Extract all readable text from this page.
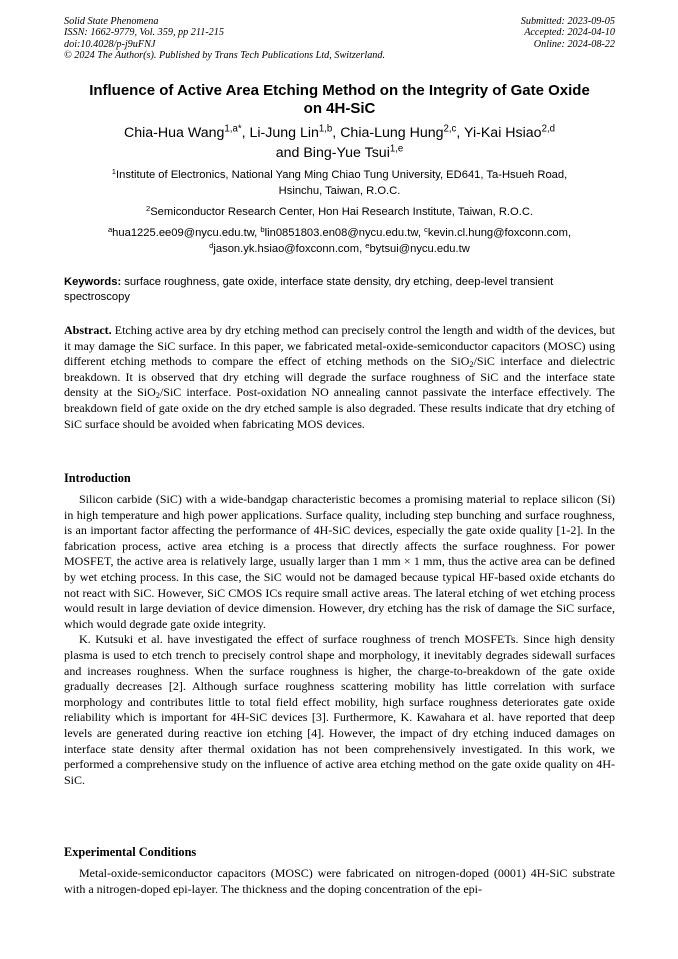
Solid State Phenomena
ISSN: 1662-9779, Vol. 359, pp 211-215
doi:10.4028/p-j9uFNJ
© 2024 The Author(s). Published by Trans Tech Publications Ltd, Switzerland.
Submitted: 2023-09-05
Accepted: 2024-04-10
Online: 2024-08-22
Influence of Active Area Etching Method on the Integrity of Gate Oxide
on 4H-SiC
Chia-Hua Wang$^{1,a*}$, Li-Jung Lin$^{1,b}$, Chia-Lung Hung$^{2,c}$, Yi-Kai Hsiao$^{2,d}$
and Bing-Yue Tsui$^{1,e}$
$^1$Institute of Electronics, National Yang Ming Chiao Tung University, ED641, Ta-Hsueh Road,
Hsinchu, Taiwan, R.O.C.
$^2$Semiconductor Research Center, Hon Hai Research Institute, Taiwan, R.O.C.
$^a$hua1225.ee09@nycu.edu.tw, $^b$lin0851803.en08@nycu.edu.tw, $^c$kevin.cl.hung@foxconn.com,
$^d$jason.yk.hsiao@foxconn.com, $^e$bytsui@nycu.edu.tw
Keywords: surface roughness, gate oxide, interface state density, dry etching, deep-level transient spectroscopy
Abstract. Etching active area by dry etching method can precisely control the length and width of the devices, but it may damage the SiC surface. In this paper, we fabricated metal-oxide-semiconductor capacitors (MOSC) using different etching methods to compare the effect of etching methods on the SiO$_2$/SiC interface and dielectric breakdown. It is observed that dry etching will degrade the surface roughness of SiC and the interface state density at the SiO$_2$/SiC interface. Post-oxidation NO annealing cannot passivate the interface effectively. The breakdown field of gate oxide on the dry etched sample is also degraded. These results indicate that dry etching of SiC surface should be avoided when fabricating MOS devices.
Introduction

Silicon carbide (SiC) with a wide-bandgap characteristic becomes a promising material to replace silicon (Si) in high temperature and high power applications. Surface quality, including step bunching and surface roughness, is an important factor affecting the performance of 4H-SiC devices, especially the gate oxide quality [1-2]. In the fabrication process, active area etching is a process that directly affects the surface roughness. For power MOSFET, the active area is relatively large, usually larger than 1 mm × 1 mm, thus the active area can be defined by wet etching process. In this case, the SiC would not be damaged because typical HF-based oxide etchants do not react with SiC. However, SiC CMOS ICs require small active areas. The lateral etching of wet etching process would result in large deviation of device dimension. However, dry etching has the risk of damage the SiC surface, which would degrade gate oxide integrity.

K. Kutsuki et al. have investigated the effect of surface roughness of trench MOSFETs. Since high density plasma is used to etch trench to precisely control shape and morphology, it inevitably degrades sidewall surfaces and increases roughness. When the surface roughness is higher, the charge-to-breakdown of the gate oxide gradually decreases [2]. Although surface roughness scattering mobility has little correlation with surface morphology and contributes little to total field effect mobility, high surface roughness deteriorates gate oxide reliability which is important for 4H-SiC devices [3]. Furthermore, K. Kawahara et al. have reported that deep levels are generated during reactive ion etching [4]. However, the impact of dry etching induced damages on interface state density after thermal oxidation has not been comprehensively investigated. In this work, we performed a comprehensive study on the influence of active area etching method on the gate oxide quality on 4H-SiC.

Experimental Conditions

Metal-oxide-semiconductor capacitors (MOSC) were fabricated on nitrogen-doped (0001) 4H-SiC substrate with a nitrogen-doped epi-layer. The thickness and the doping concentration of the epi-
